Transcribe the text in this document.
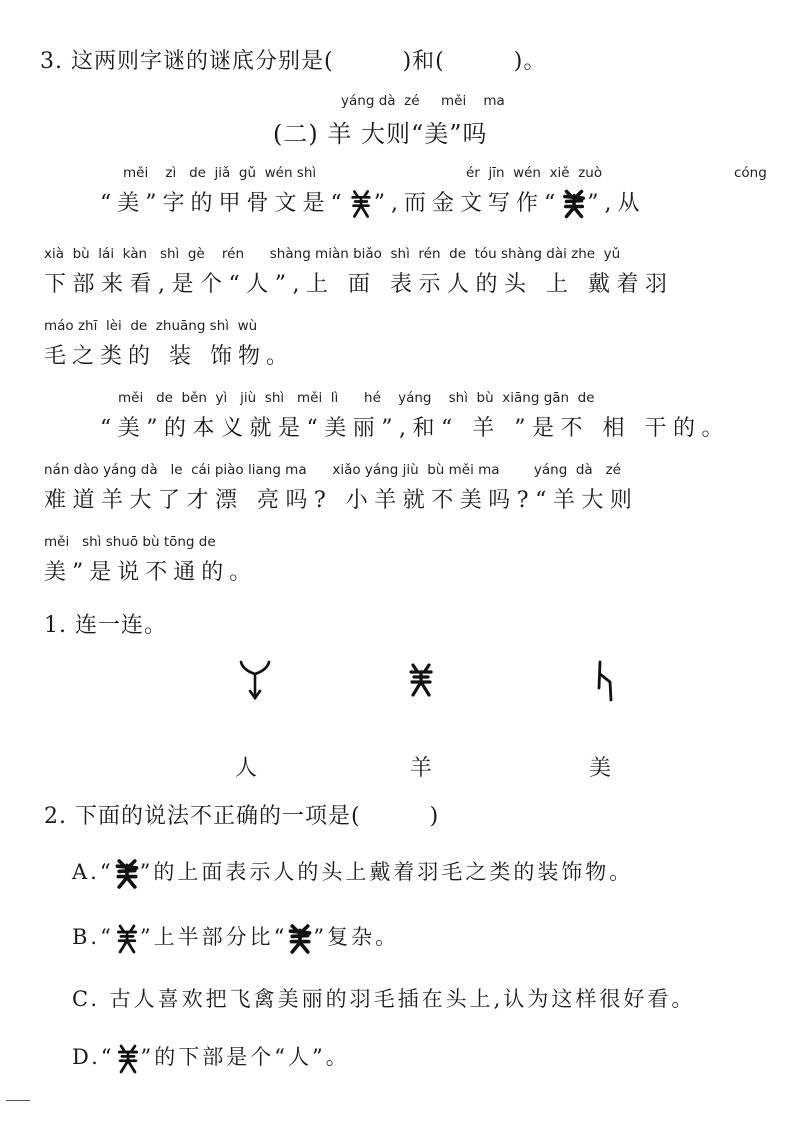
3. 这两则字谜的谜底分别是(　　　)和(　　　)。
yáng dà zé měi ma
(二) 羊 大则“美”吗
měi    zì   de  jiǎ  gǔ  wén shì	ér  jīn  wén  xiě  zuò	cóng
“美”字的甲骨文是“ ”,而金文写作“ ”,从
xià  bù  lái  kàn   shì  gè    rén      shàng miàn biǎo  shì  rén  de  tóu shàng dài zhe  yǔ
下部来看,是个“人”,上 面 表示人的头 上 戴着羽
máo zhī  lèi  de  zhuāng shì  wù
毛之类的 装 饰物。
měi   de  běn  yì   jiù  shì   měi  lì      hé    yáng    shì  bù  xiāng gān  de
“美”的本义就是“美丽”,和“ 羊 ”是不 相 干的。
nán dào yáng dà   le  cái piào liang ma      xiǎo yáng jiù  bù měi ma        yáng  dà   zé
难道羊大了才漂 亮吗? 小羊就不美吗?“羊大则
měi   shì shuō bù tōng de
美”是说不通的。
1. 连一连。
人	羊	美
2. 下面的说法不正确的一项是(　　　)
A.“ ”的上面表示人的头上戴着羽毛之类的装饰物。
B.“ ”上半部分比“ ”复杂。
C. 古人喜欢把飞禽美丽的羽毛插在头上,认为这样很好看。
D.“ ”的下部是个“人”。
